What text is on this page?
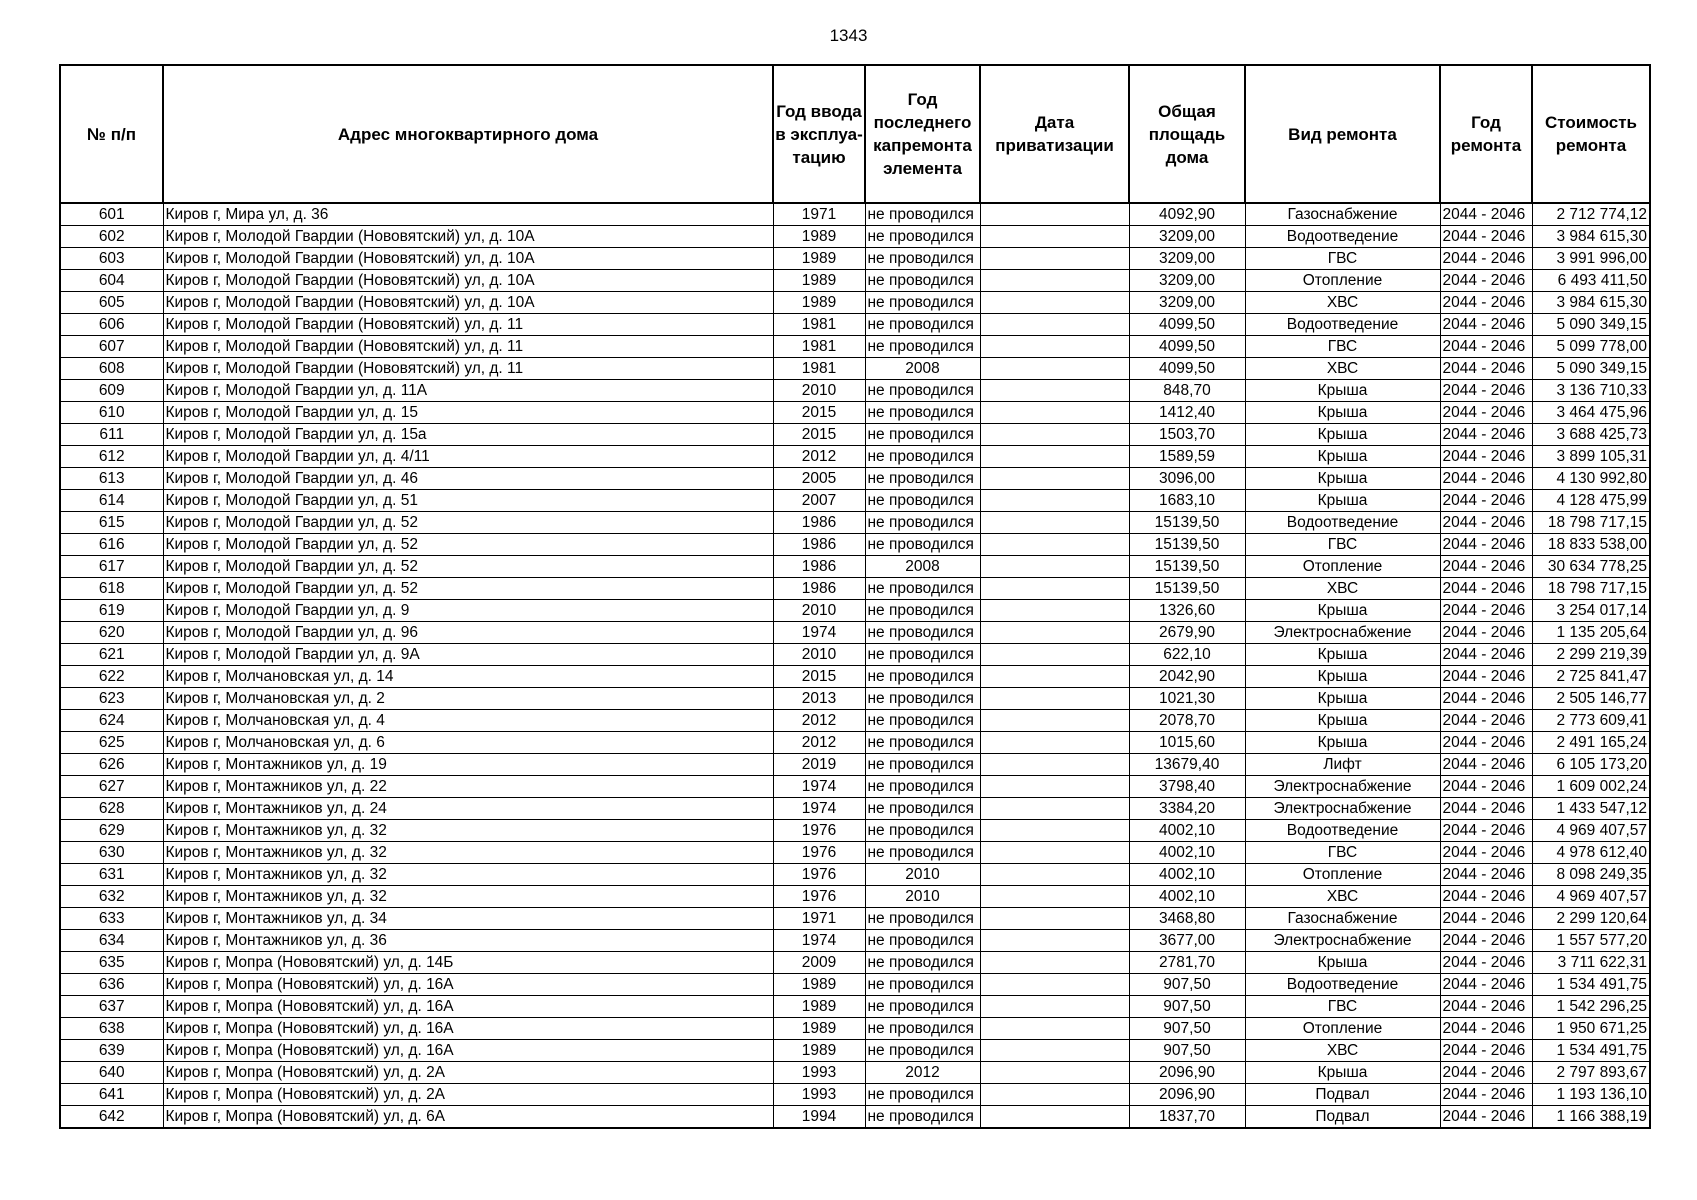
1343
№ п/п	Адрес многоквартирного дома	Год ввода в эксплуа- тацию	Год последнего капремонта элемента	Дата приватизации	Общая площадь дома	Вид ремонта	Год ремонта	Стоимость ремонта
601	Киров г, Мира ул, д. 36	1971	не проводился		4092,90	Газоснабжение	2044 - 2046	2 712 774,12
602	Киров г, Молодой Гвардии (Нововятский) ул, д. 10А	1989	не проводился		3209,00	Водоотведение	2044 - 2046	3 984 615,30
603	Киров г, Молодой Гвардии (Нововятский) ул, д. 10А	1989	не проводился		3209,00	ГВС	2044 - 2046	3 991 996,00
604	Киров г, Молодой Гвардии (Нововятский) ул, д. 10А	1989	не проводился		3209,00	Отопление	2044 - 2046	6 493 411,50
605	Киров г, Молодой Гвардии (Нововятский) ул, д. 10А	1989	не проводился		3209,00	ХВС	2044 - 2046	3 984 615,30
606	Киров г, Молодой Гвардии (Нововятский) ул, д. 11	1981	не проводился		4099,50	Водоотведение	2044 - 2046	5 090 349,15
607	Киров г, Молодой Гвардии (Нововятский) ул, д. 11	1981	не проводился		4099,50	ГВС	2044 - 2046	5 099 778,00
608	Киров г, Молодой Гвардии (Нововятский) ул, д. 11	1981	2008		4099,50	ХВС	2044 - 2046	5 090 349,15
609	Киров г, Молодой Гвардии ул, д. 11А	2010	не проводился		848,70	Крыша	2044 - 2046	3 136 710,33
610	Киров г, Молодой Гвардии ул, д. 15	2015	не проводился		1412,40	Крыша	2044 - 2046	3 464 475,96
611	Киров г, Молодой Гвардии ул, д. 15а	2015	не проводился		1503,70	Крыша	2044 - 2046	3 688 425,73
612	Киров г, Молодой Гвардии ул, д. 4/11	2012	не проводился		1589,59	Крыша	2044 - 2046	3 899 105,31
613	Киров г, Молодой Гвардии ул, д. 46	2005	не проводился		3096,00	Крыша	2044 - 2046	4 130 992,80
614	Киров г, Молодой Гвардии ул, д. 51	2007	не проводился		1683,10	Крыша	2044 - 2046	4 128 475,99
615	Киров г, Молодой Гвардии ул, д. 52	1986	не проводился		15139,50	Водоотведение	2044 - 2046	18 798 717,15
616	Киров г, Молодой Гвардии ул, д. 52	1986	не проводился		15139,50	ГВС	2044 - 2046	18 833 538,00
617	Киров г, Молодой Гвардии ул, д. 52	1986	2008		15139,50	Отопление	2044 - 2046	30 634 778,25
618	Киров г, Молодой Гвардии ул, д. 52	1986	не проводился		15139,50	ХВС	2044 - 2046	18 798 717,15
619	Киров г, Молодой Гвардии ул, д. 9	2010	не проводился		1326,60	Крыша	2044 - 2046	3 254 017,14
620	Киров г, Молодой Гвардии ул, д. 96	1974	не проводился		2679,90	Электроснабжение	2044 - 2046	1 135 205,64
621	Киров г, Молодой Гвардии ул, д. 9А	2010	не проводился		622,10	Крыша	2044 - 2046	2 299 219,39
622	Киров г, Молчановская ул, д. 14	2015	не проводился		2042,90	Крыша	2044 - 2046	2 725 841,47
623	Киров г, Молчановская ул, д. 2	2013	не проводился		1021,30	Крыша	2044 - 2046	2 505 146,77
624	Киров г, Молчановская ул, д. 4	2012	не проводился		2078,70	Крыша	2044 - 2046	2 773 609,41
625	Киров г, Молчановская ул, д. 6	2012	не проводился		1015,60	Крыша	2044 - 2046	2 491 165,24
626	Киров г, Монтажников ул, д. 19	2019	не проводился		13679,40	Лифт	2044 - 2046	6 105 173,20
627	Киров г, Монтажников ул, д. 22	1974	не проводился		3798,40	Электроснабжение	2044 - 2046	1 609 002,24
628	Киров г, Монтажников ул, д. 24	1974	не проводился		3384,20	Электроснабжение	2044 - 2046	1 433 547,12
629	Киров г, Монтажников ул, д. 32	1976	не проводился		4002,10	Водоотведение	2044 - 2046	4 969 407,57
630	Киров г, Монтажников ул, д. 32	1976	не проводился		4002,10	ГВС	2044 - 2046	4 978 612,40
631	Киров г, Монтажников ул, д. 32	1976	2010		4002,10	Отопление	2044 - 2046	8 098 249,35
632	Киров г, Монтажников ул, д. 32	1976	2010		4002,10	ХВС	2044 - 2046	4 969 407,57
633	Киров г, Монтажников ул, д. 34	1971	не проводился		3468,80	Газоснабжение	2044 - 2046	2 299 120,64
634	Киров г, Монтажников ул, д. 36	1974	не проводился		3677,00	Электроснабжение	2044 - 2046	1 557 577,20
635	Киров г, Мопра (Нововятский) ул, д. 14Б	2009	не проводился		2781,70	Крыша	2044 - 2046	3 711 622,31
636	Киров г, Мопра (Нововятский) ул, д. 16А	1989	не проводился		907,50	Водоотведение	2044 - 2046	1 534 491,75
637	Киров г, Мопра (Нововятский) ул, д. 16А	1989	не проводился		907,50	ГВС	2044 - 2046	1 542 296,25
638	Киров г, Мопра (Нововятский) ул, д. 16А	1989	не проводился		907,50	Отопление	2044 - 2046	1 950 671,25
639	Киров г, Мопра (Нововятский) ул, д. 16А	1989	не проводился		907,50	ХВС	2044 - 2046	1 534 491,75
640	Киров г, Мопра (Нововятский) ул, д. 2А	1993	2012		2096,90	Крыша	2044 - 2046	2 797 893,67
641	Киров г, Мопра (Нововятский) ул, д. 2А	1993	не проводился		2096,90	Подвал	2044 - 2046	1 193 136,10
642	Киров г, Мопра (Нововятский) ул, д. 6А	1994	не проводился		1837,70	Подвал	2044 - 2046	1 166 388,19
